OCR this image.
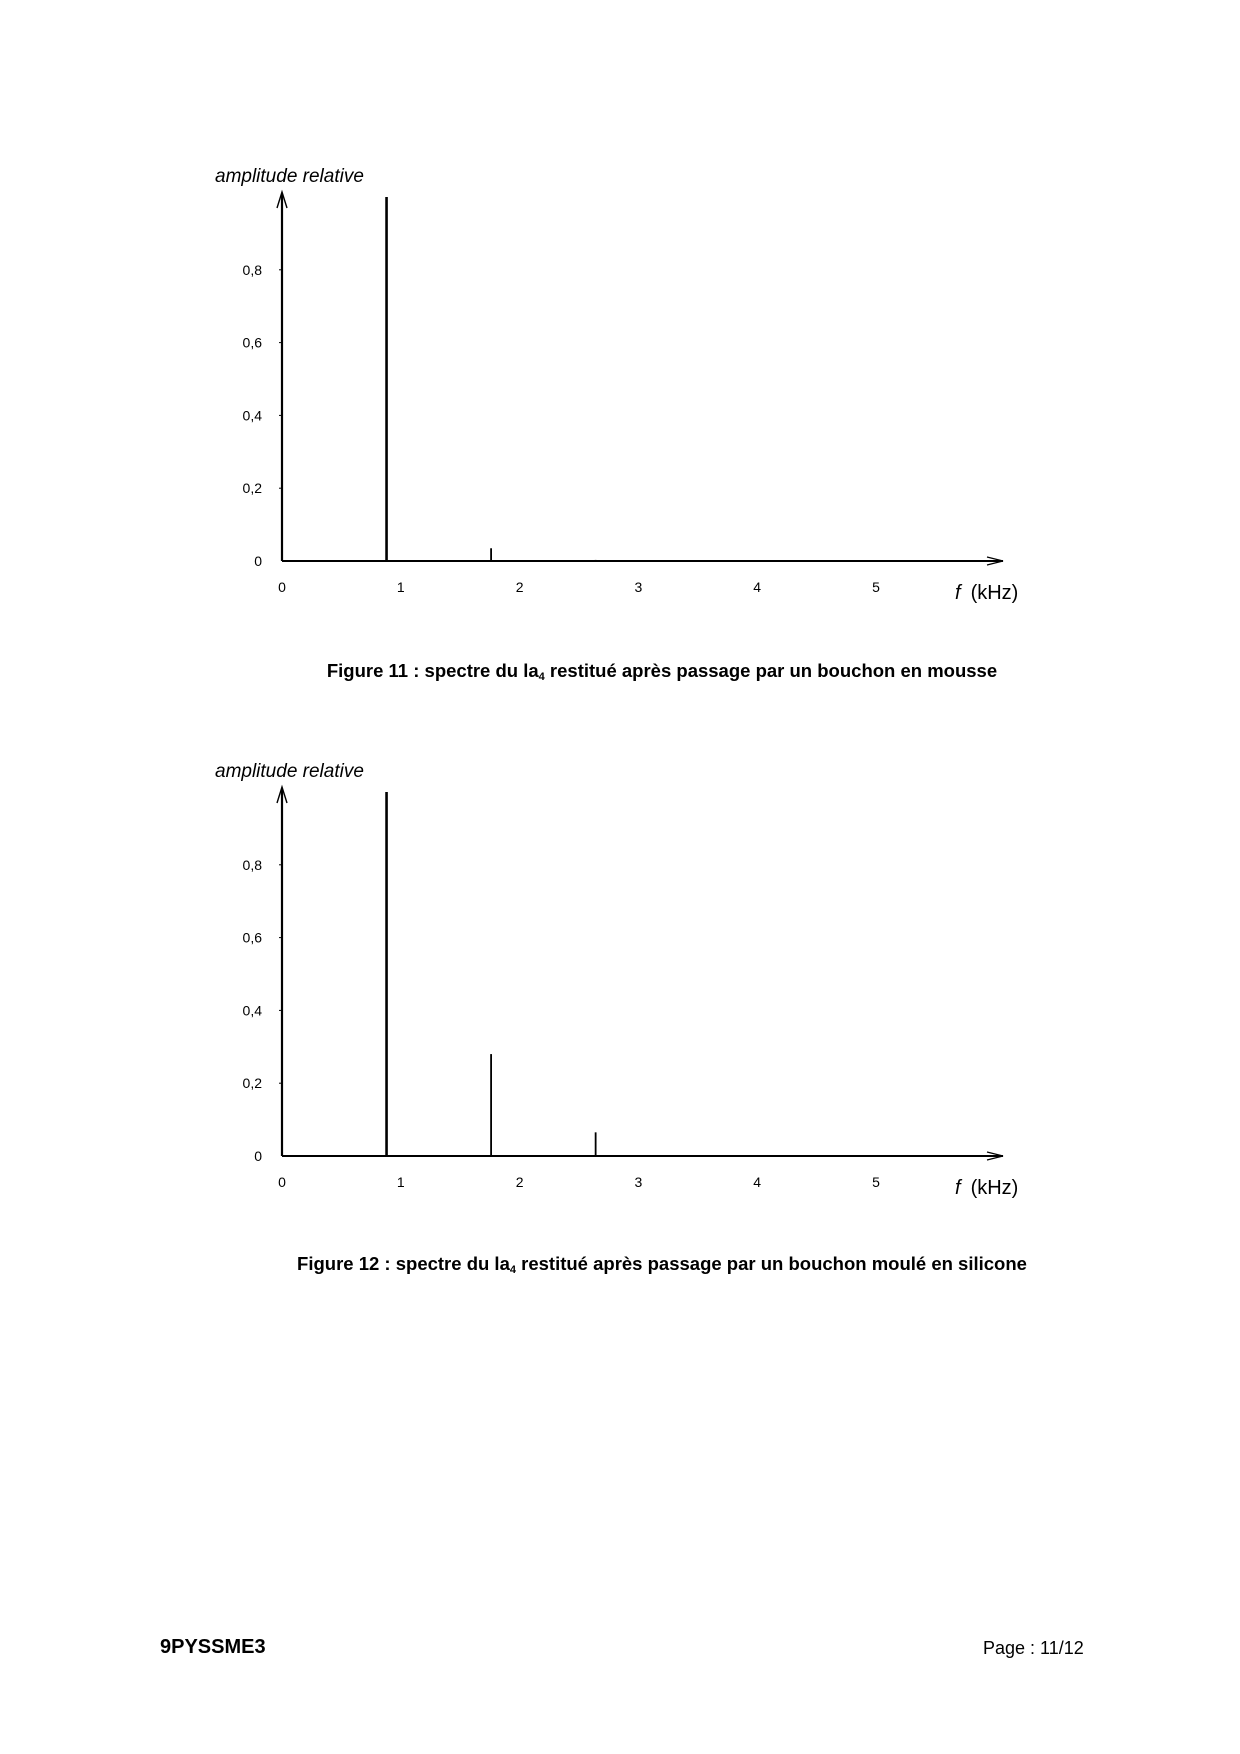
amplitude relative
0
0,2
0,4
0,6
0,8
0	1	2	3	4	5	f (kHz)
Figure 11 : spectre du $la_4$ restitué après passage par un bouchon en mousse
amplitude relative
0
0,2
0,4
0,6
0,8
0	1	2	3	4	5	f (kHz)
Figure 12 : spectre du $la_4$ restitué après passage par un bouchon moulé en silicone
9PYSSME3	Page : 11/12
